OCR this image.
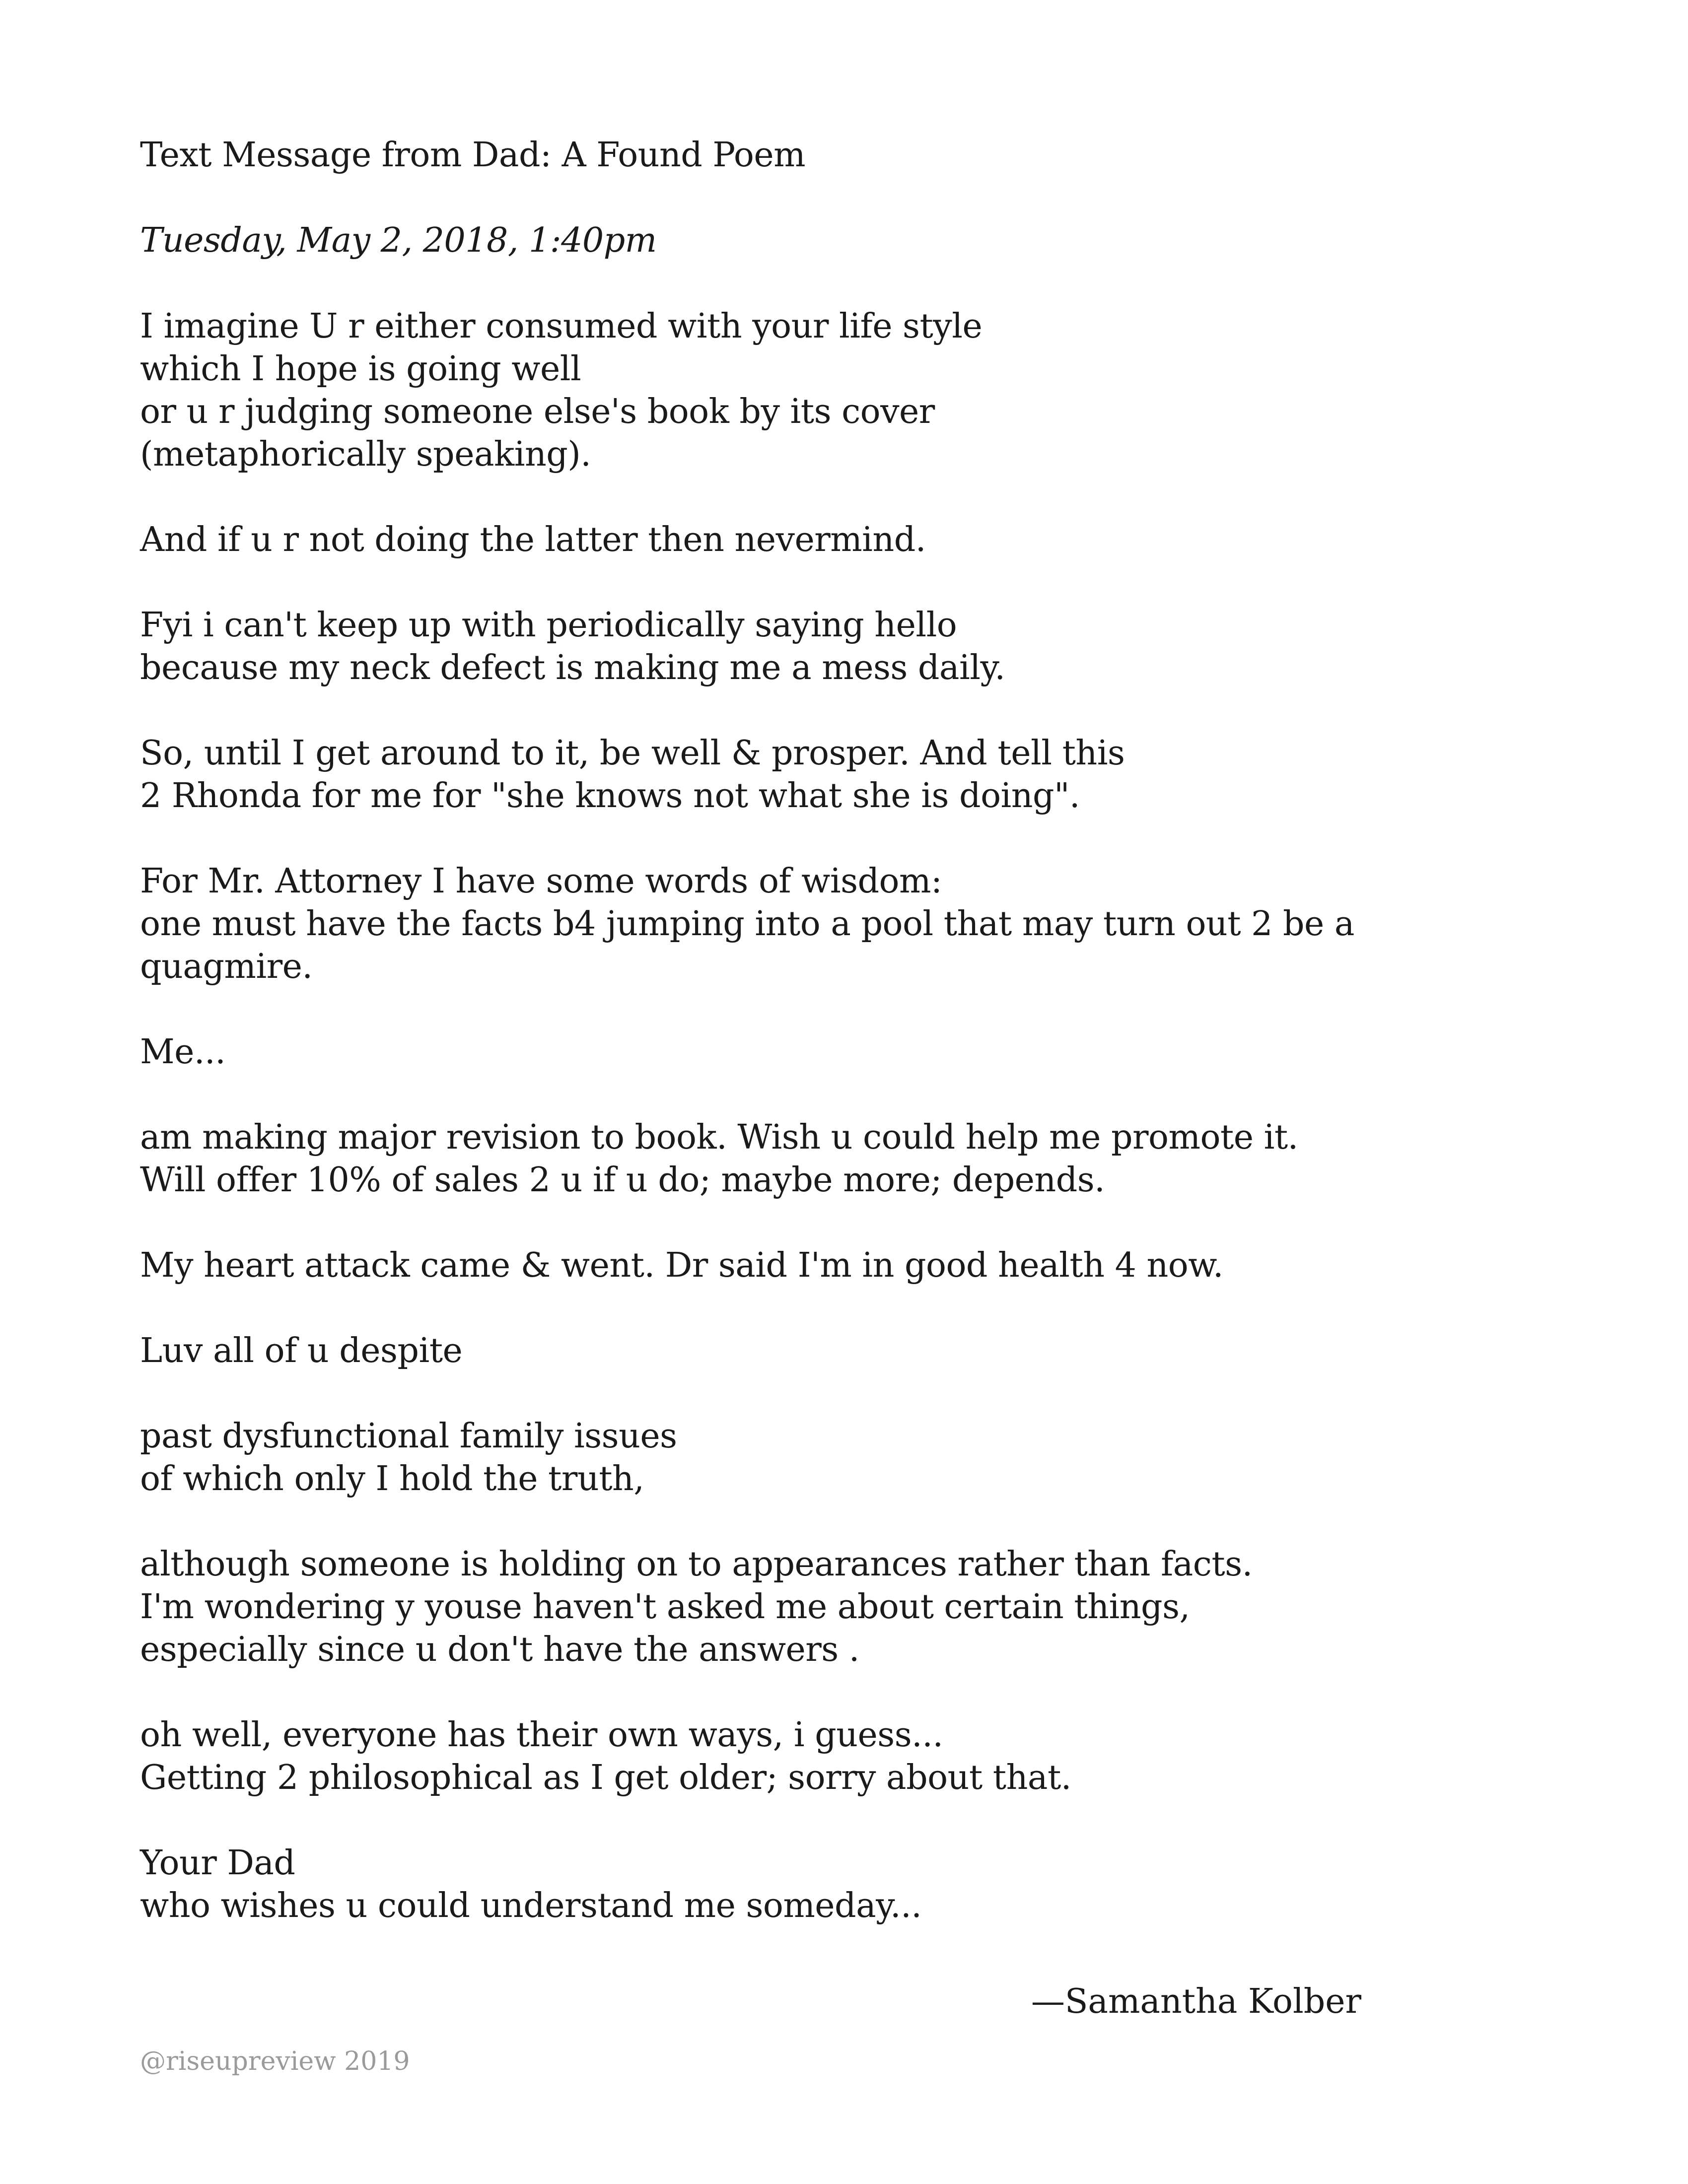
Text Message from Dad: A Found Poem
Tuesday, May 2, 2018, 1:40pm
I imagine U r either consumed with your life style
which I hope is going well
or u r judging someone else's book by its cover
(metaphorically speaking).
And if u r not doing the latter then nevermind.
Fyi i can't keep up with periodically saying hello
because my neck defect is making me a mess daily.
So, until I get around to it, be well & prosper. And tell this
2 Rhonda for me for "she knows not what she is doing".
For Mr. Attorney I have some words of wisdom:
one must have the facts b4 jumping into a pool that may turn out 2 be a
quagmire.
Me...
am making major revision to book. Wish u could help me promote it.
Will offer 10% of sales 2 u if u do; maybe more; depends.
My heart attack came & went. Dr said I'm in good health 4 now.
Luv all of u despite
past dysfunctional family issues
of which only I hold the truth,
although someone is holding on to appearances rather than facts.
I'm wondering y youse haven't asked me about certain things,
especially since u don't have the answers .
oh well, everyone has their own ways, i guess...
Getting 2 philosophical as I get older; sorry about that.
Your Dad
who wishes u could understand me someday...
—Samantha Kolber
@riseupreview 2019
